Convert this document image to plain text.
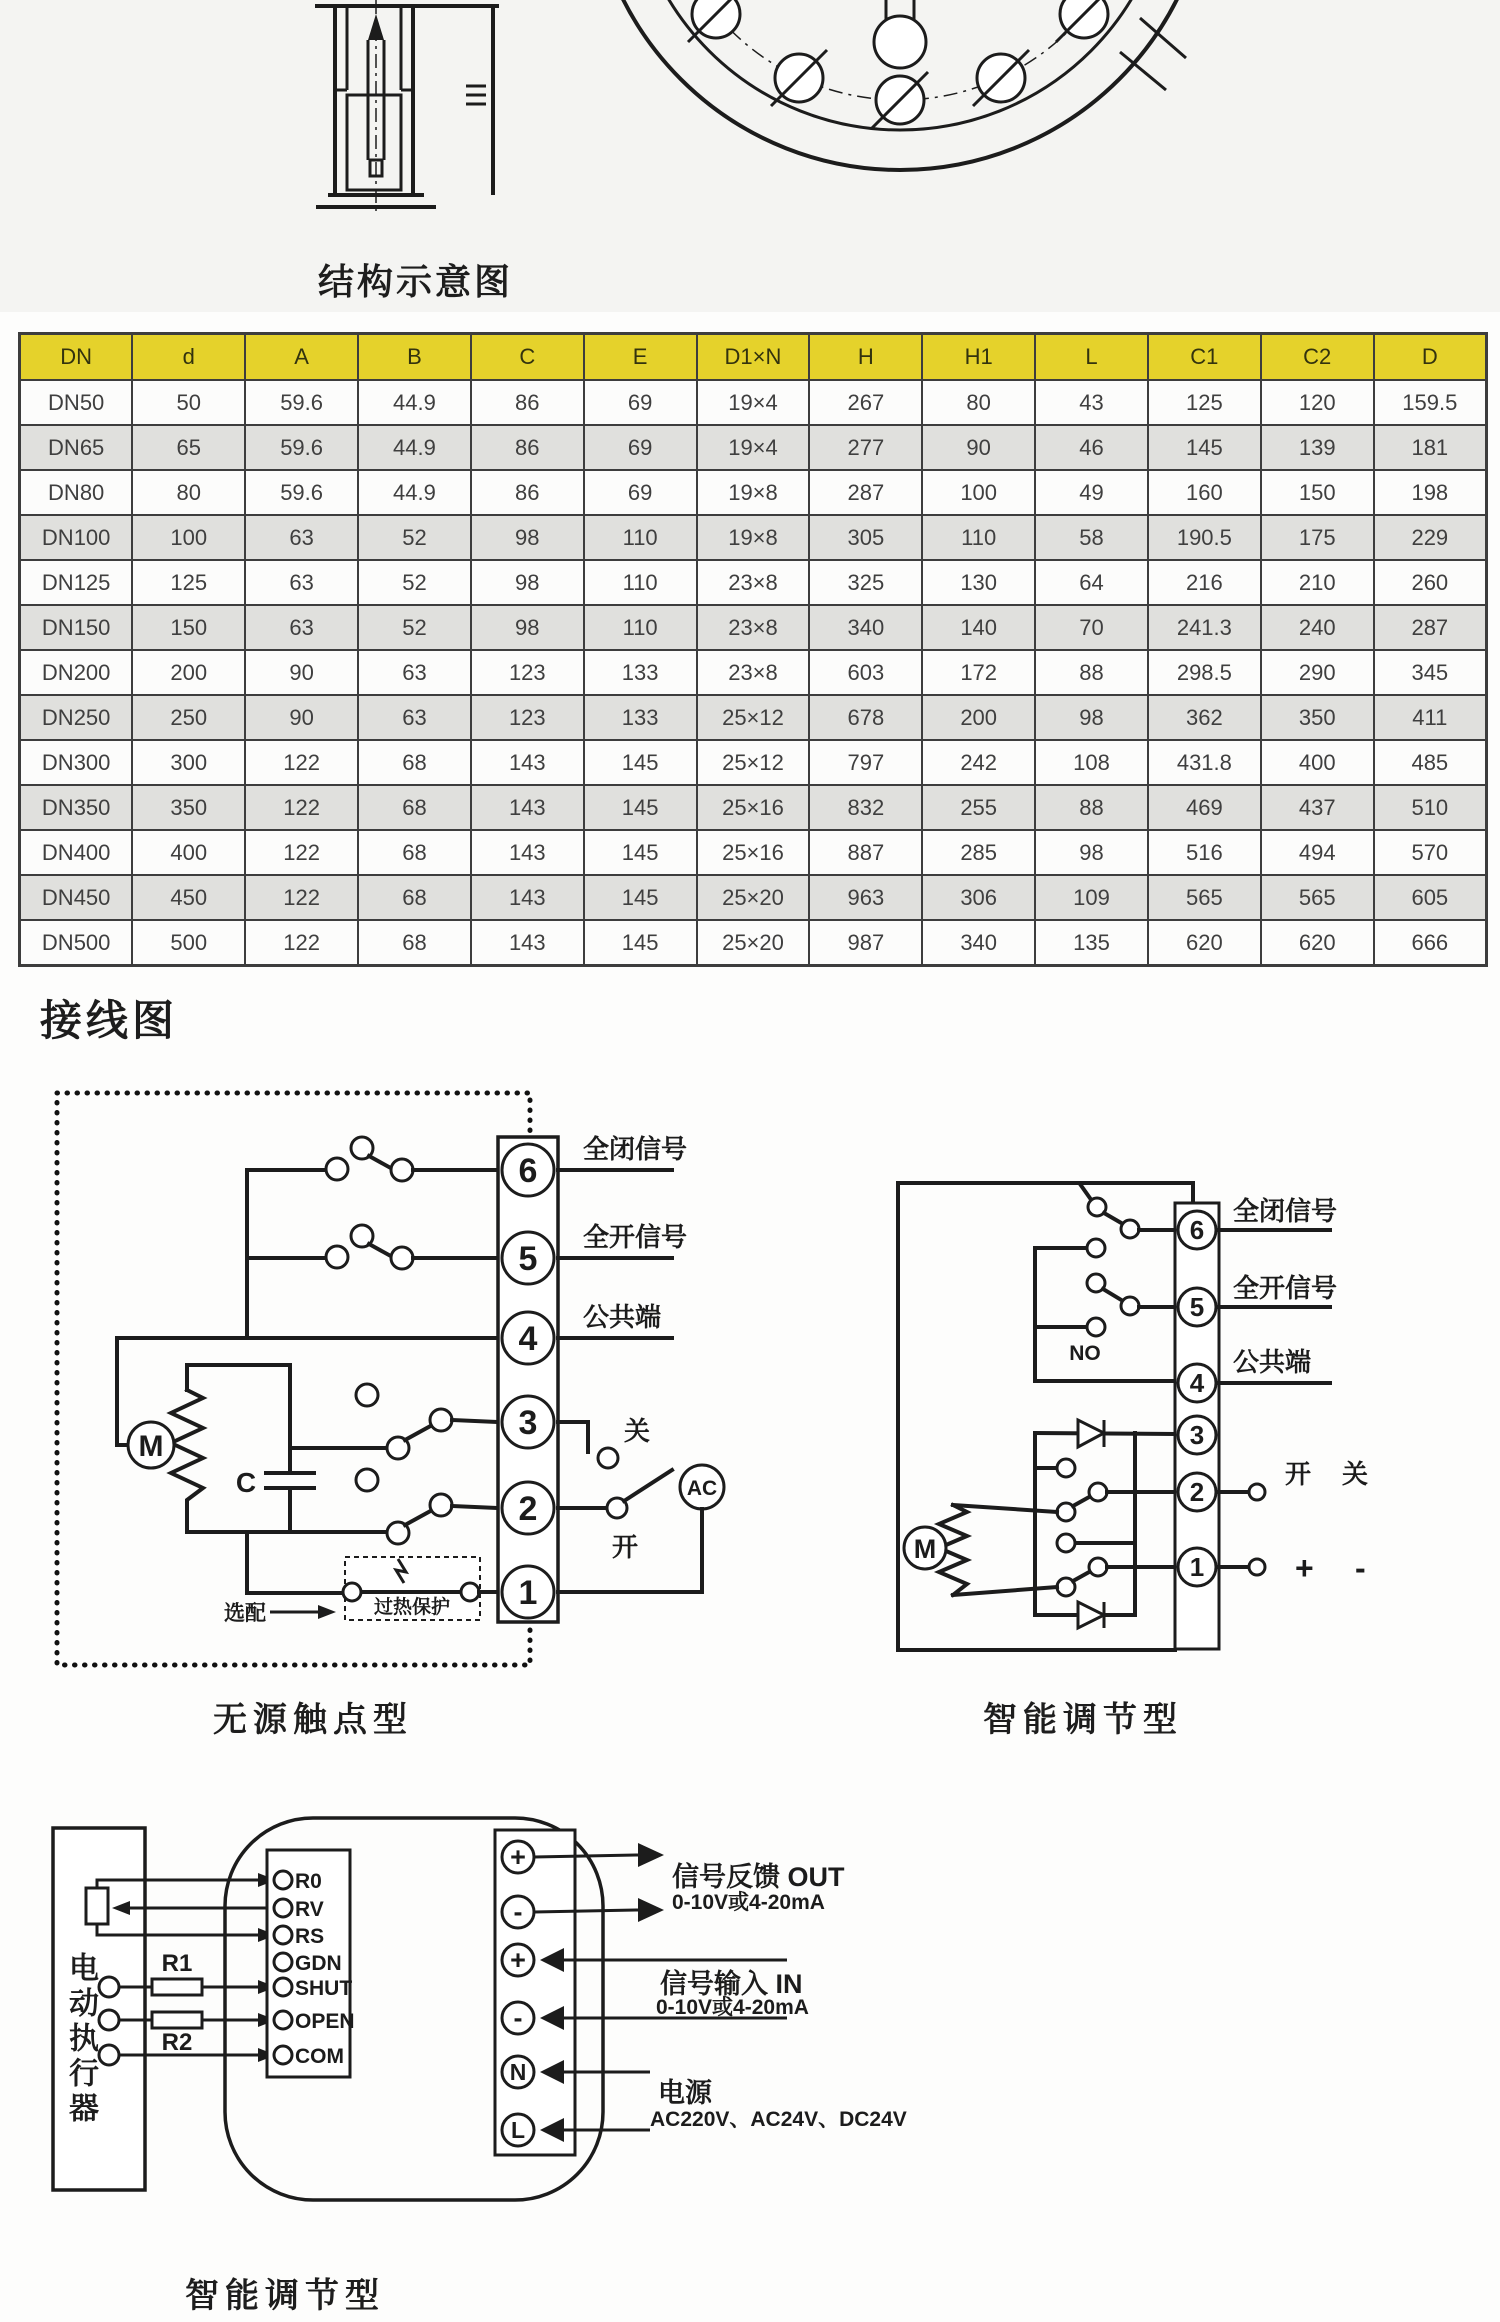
结构示意图
DN	d	A	B	C	E	D1×N	H	H1	L	C1	C2	D
DN50	50	59.6	44.9	86	69	19×4	267	80	43	125	120	159.5
DN65	65	59.6	44.9	86	69	19×4	277	90	46	145	139	181
DN80	80	59.6	44.9	86	69	19×8	287	100	49	160	150	198
DN100	100	63	52	98	110	19×8	305	110	58	190.5	175	229
DN125	125	63	52	98	110	23×8	325	130	64	216	210	260
DN150	150	63	52	98	110	23×8	340	140	70	241.3	240	287
DN200	200	90	63	123	133	23×8	603	172	88	298.5	290	345
DN250	250	90	63	123	133	25×12	678	200	98	362	350	411
DN300	300	122	68	143	145	25×12	797	242	108	431.8	400	485
DN350	350	122	68	143	145	25×16	832	255	88	469	437	510
DN400	400	122	68	143	145	25×16	887	285	98	516	494	570
DN450	450	122	68	143	145	25×20	963	306	109	565	565	605
DN500	500	122	68	143	145	25×20	987	340	135	620	620	666
接线图
过热保护
选配
M
C
6
5
4
3
2
1
全闭信号
全开信号
公共端
关
开
AC
无源触点型
NO
M
6
5
4
3
2
1
全闭信号
全开信号
公共端
开 关
+ -
智能调节型
R1
R2
R0
RV
RS
GDN
SHUT
OPEN
COM
+
-
+
-
N
L
信号反馈 OUT
0-10V或4-20mA
信号输入 IN
0-10V或4-20mA
电源
AC220V、AC24V、DC24V
电动执行器
智能调节型
